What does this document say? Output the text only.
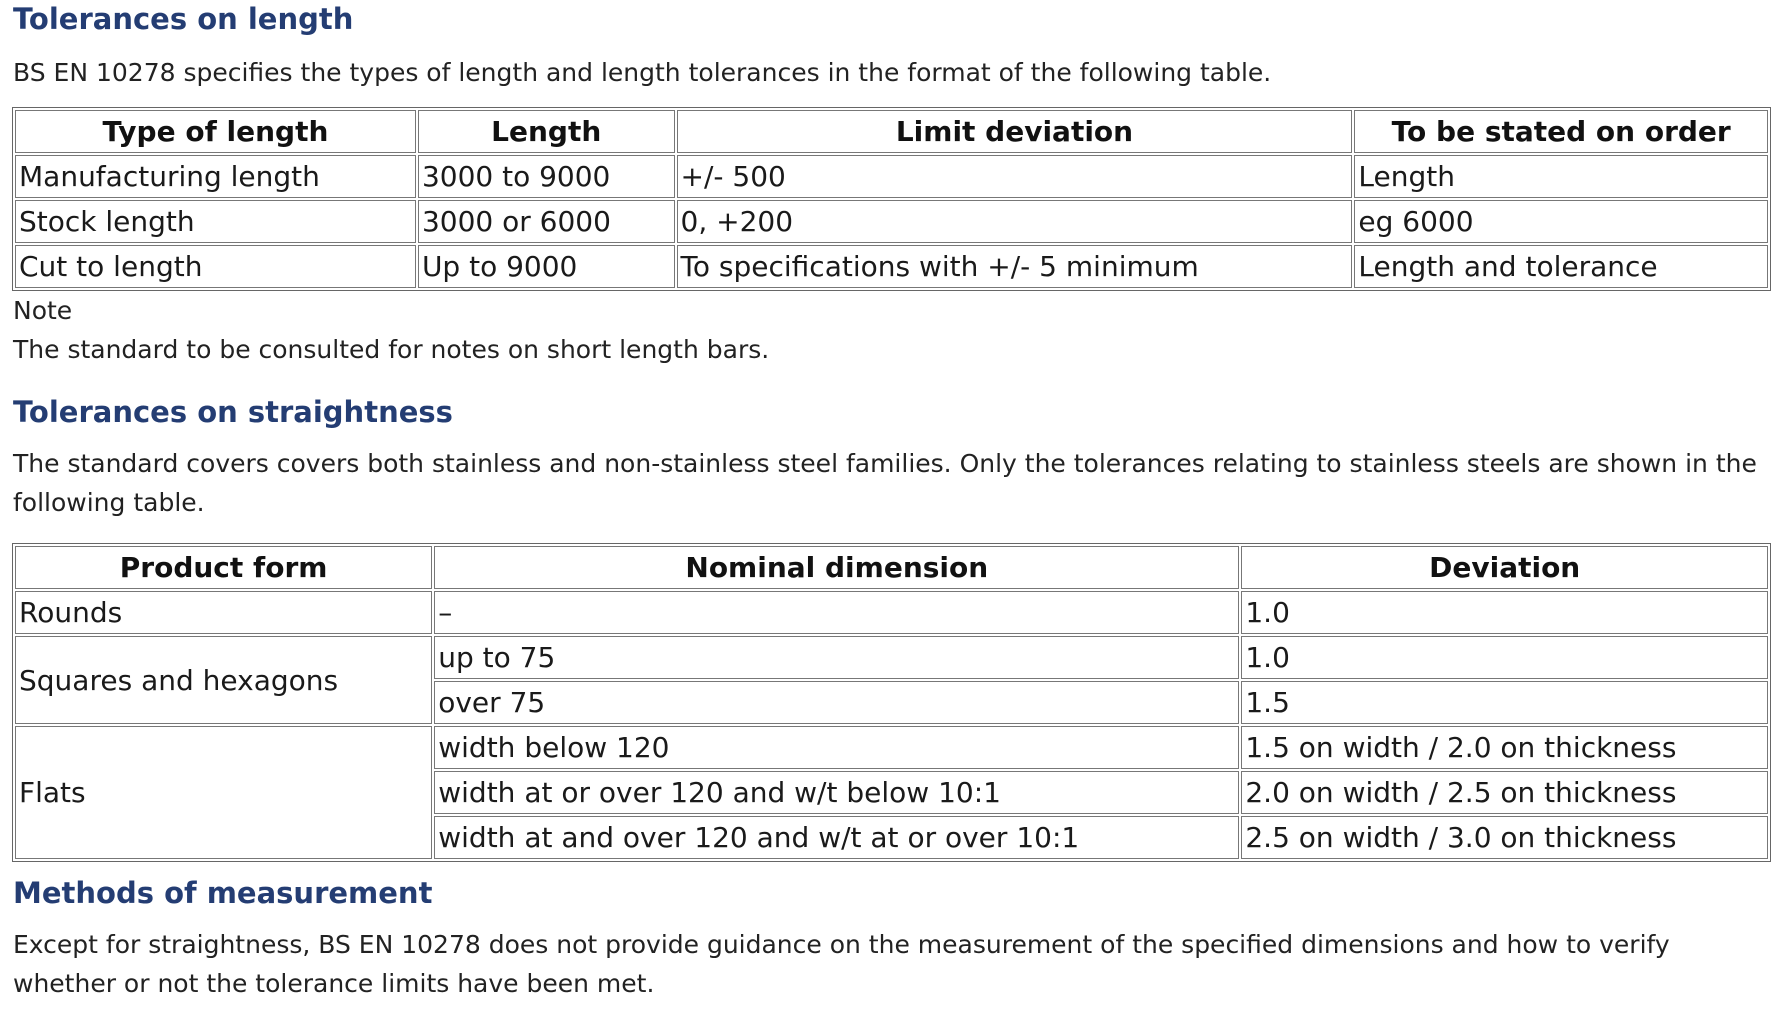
Tolerances on length

BS EN 10278 specifies the types of length and length tolerances in the format of the following table.

Type of length	Length	Limit deviation	To be stated on order
Manufacturing length	3000 to 9000	+/- 500	Length
Stock length	3000 or 6000	0, +200	eg 6000
Cut to length	Up to 9000	To specifications with +/- 5 minimum	Length and tolerance

Note

The standard to be consulted for notes on short length bars.

Tolerances on straightness

The standard covers covers both stainless and non-stainless steel families. Only the tolerances relating to stainless steels are shown in the following table.

Product form	Nominal dimension	Deviation
Rounds	–	1.0
Squares and hexagons	up to 75	1.0
	over 75	1.5
Flats	width below 120	1.5 on width / 2.0 on thickness
	width at or over 120 and w/t below 10:1	2.0 on width / 2.5 on thickness
	width at and over 120 and w/t at or over 10:1	2.5 on width / 3.0 on thickness
Methods of measurement

Except for straightness, BS EN 10278 does not provide guidance on the measurement of the specified dimensions and how to verify whether or not the tolerance limits have been met.
